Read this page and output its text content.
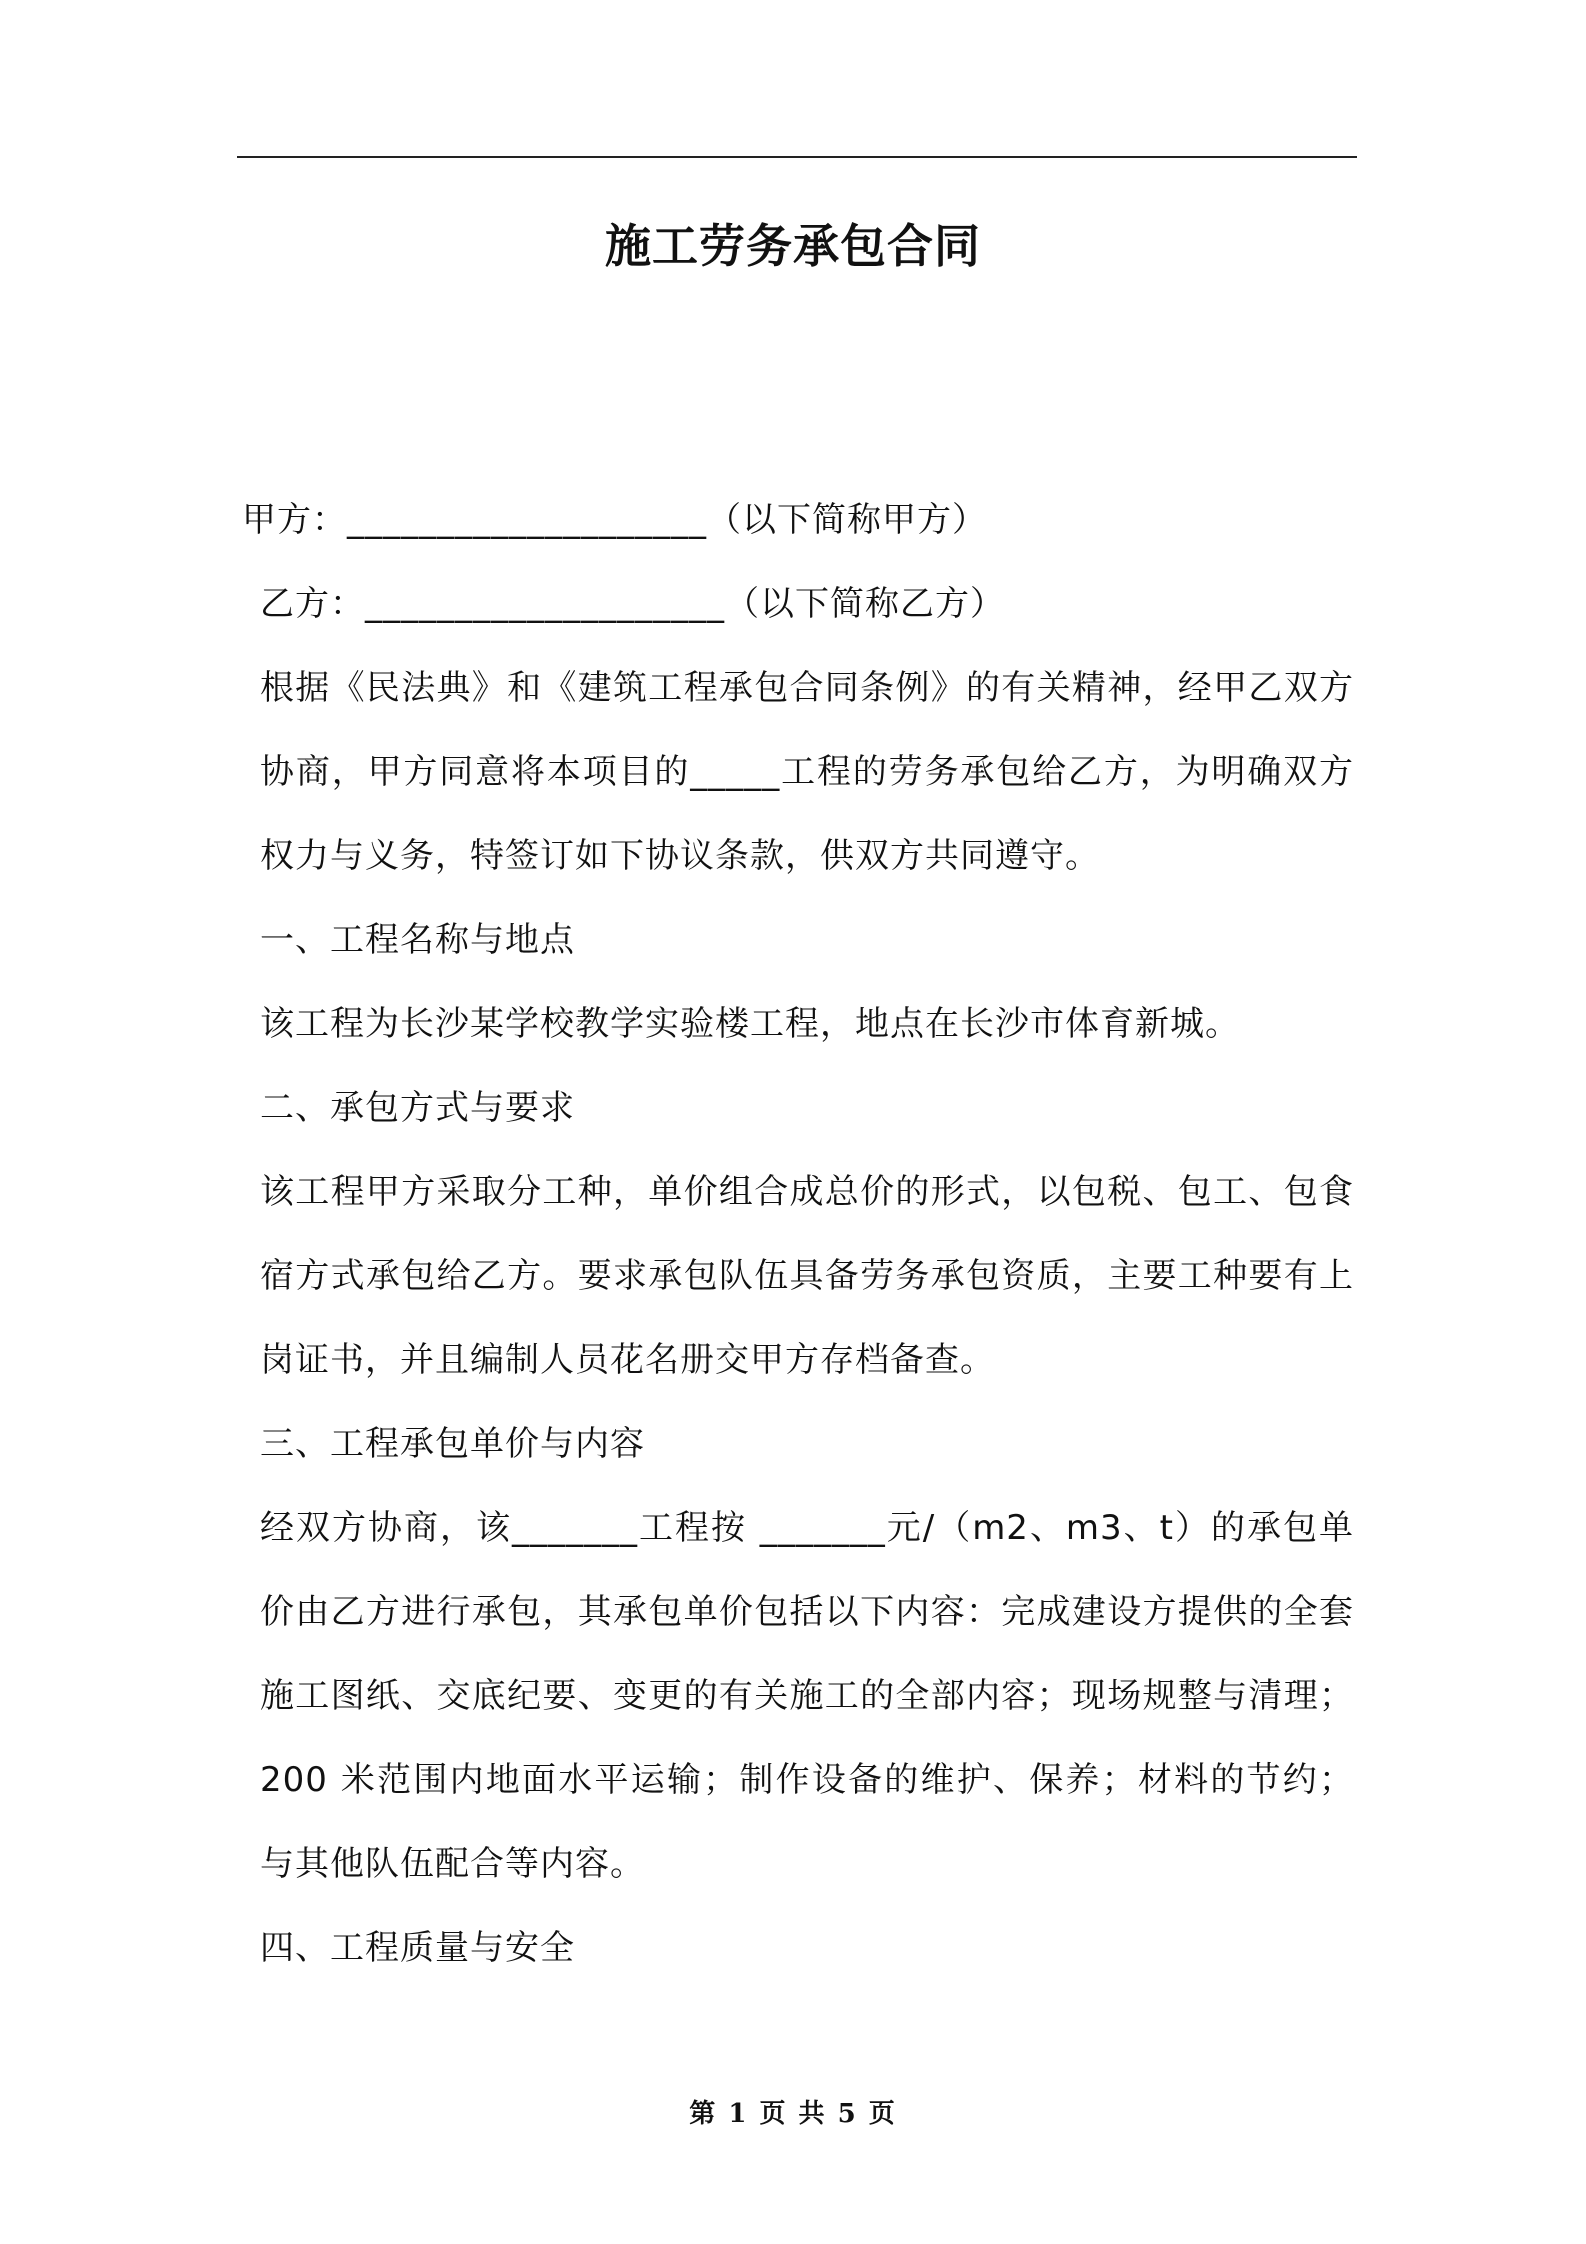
施工劳务承包合同

甲方：____________________（以下简称甲方）

乙方：____________________（以下简称乙方）

根据《民法典》和《建筑工程承包合同条例》的有关精神，经甲乙双方协商，甲方同意将本项目的_____工程的劳务承包给乙方，为明确双方权力与义务，特签订如下协议条款，供双方共同遵守。

一、工程名称与地点

该工程为长沙某学校教学实验楼工程，地点在长沙市体育新城。

二、承包方式与要求

该工程甲方采取分工种，单价组合成总价的形式，以包税、包工、包食宿方式承包给乙方。要求承包队伍具备劳务承包资质，主要工种要有上岗证书，并且编制人员花名册交甲方存档备查。

三、工程承包单价与内容

经双方协商，该_______工程按 _______元/（m2、m3、t）的承包单价由乙方进行承包，其承包单价包括以下内容：完成建设方提供的全套施工图纸、交底纪要、变更的有关施工的全部内容；现场规整与清理；200 米范围内地面水平运输；制作设备的维护、保养；材料的节约；与其他队伍配合等内容。

四、工程质量与安全

第 1 页 共 5 页
